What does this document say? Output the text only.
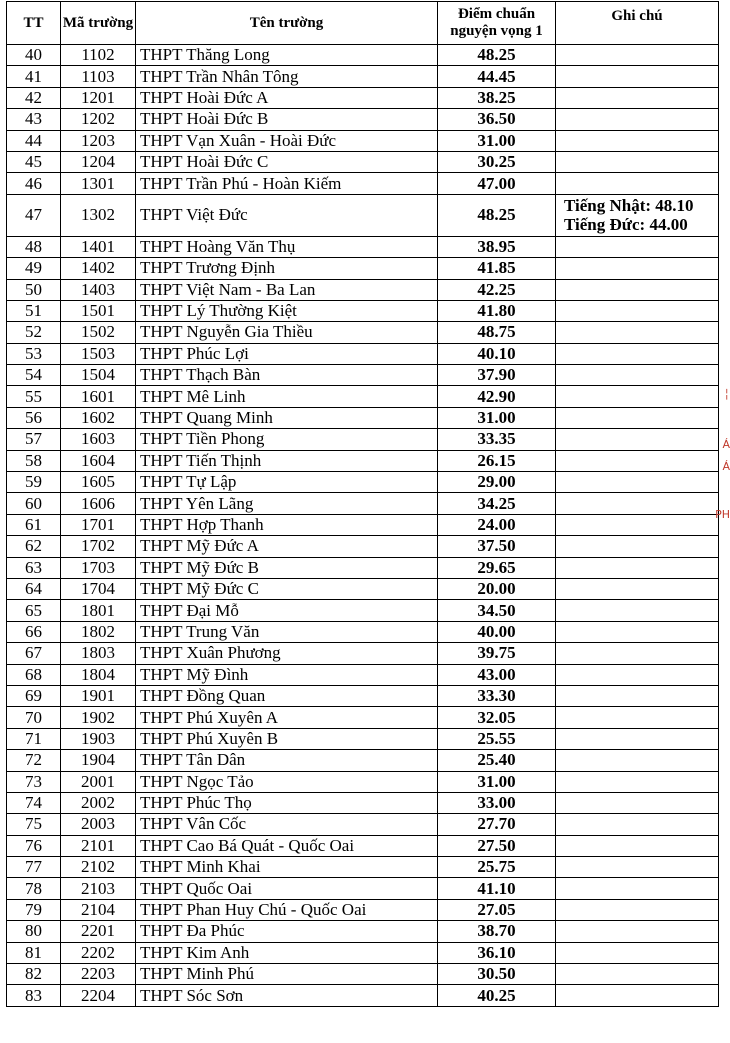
TT	Mã trường	Tên trường	Điểm chuẩn nguyện vọng 1	Ghi chú
40	1102	THPT Thăng Long	48.25	
41	1103	THPT Trần Nhân Tông	44.45	
42	1201	THPT Hoài Đức A	38.25	
43	1202	THPT Hoài Đức B	36.50	
44	1203	THPT Vạn Xuân - Hoài Đức	31.00	
45	1204	THPT Hoài Đức C	30.25	
46	1301	THPT Trần Phú - Hoàn Kiếm	47.00	
47	1302	THPT Việt Đức	48.25	Tiếng Nhật: 48.10
Tiếng Đức: 44.00

48	1401	THPT Hoàng Văn Thụ	38.95	
49	1402	THPT Trương Định	41.85	
50	1403	THPT Việt Nam - Ba Lan	42.25	
51	1501	THPT Lý Thường Kiệt	41.80	
52	1502	THPT Nguyễn Gia Thiều	48.75	
53	1503	THPT Phúc Lợi	40.10	
54	1504	THPT Thạch Bàn	37.90	
55	1601	THPT Mê Linh	42.90	
56	1602	THPT Quang Minh	31.00	
57	1603	THPT Tiền Phong	33.35	
58	1604	THPT Tiến Thịnh	26.15	
59	1605	THPT Tự Lập	29.00	
60	1606	THPT Yên Lãng	34.25	
61	1701	THPT Hợp Thanh	24.00	
62	1702	THPT Mỹ Đức A	37.50	
63	1703	THPT Mỹ Đức B	29.65	
64	1704	THPT Mỹ Đức C	20.00	
65	1801	THPT Đại Mỗ	34.50	
66	1802	THPT Trung Văn	40.00	
67	1803	THPT Xuân Phương	39.75	
68	1804	THPT Mỹ Đình	43.00	
69	1901	THPT Đồng Quan	33.30	
70	1902	THPT Phú Xuyên A	32.05	
71	1903	THPT Phú Xuyên B	25.55	
72	1904	THPT Tân Dân	25.40	
73	2001	THPT Ngọc Tảo	31.00	
74	2002	THPT Phúc Thọ	33.00	
75	2003	THPT Vân Cốc	27.70	
76	2101	THPT Cao Bá Quát - Quốc Oai	27.50	
77	2102	THPT Minh Khai	25.75	
78	2103	THPT Quốc Oai	41.10	
79	2104	THPT Phan Huy Chú - Quốc Oai	27.05	
80	2201	THPT Đa Phúc	38.70	
81	2202	THPT Kim Anh	36.10	
82	2203	THPT Minh Phú	30.50	
83	2204	THPT Sóc Sơn	40.25	
╎
Á
Á
PH
